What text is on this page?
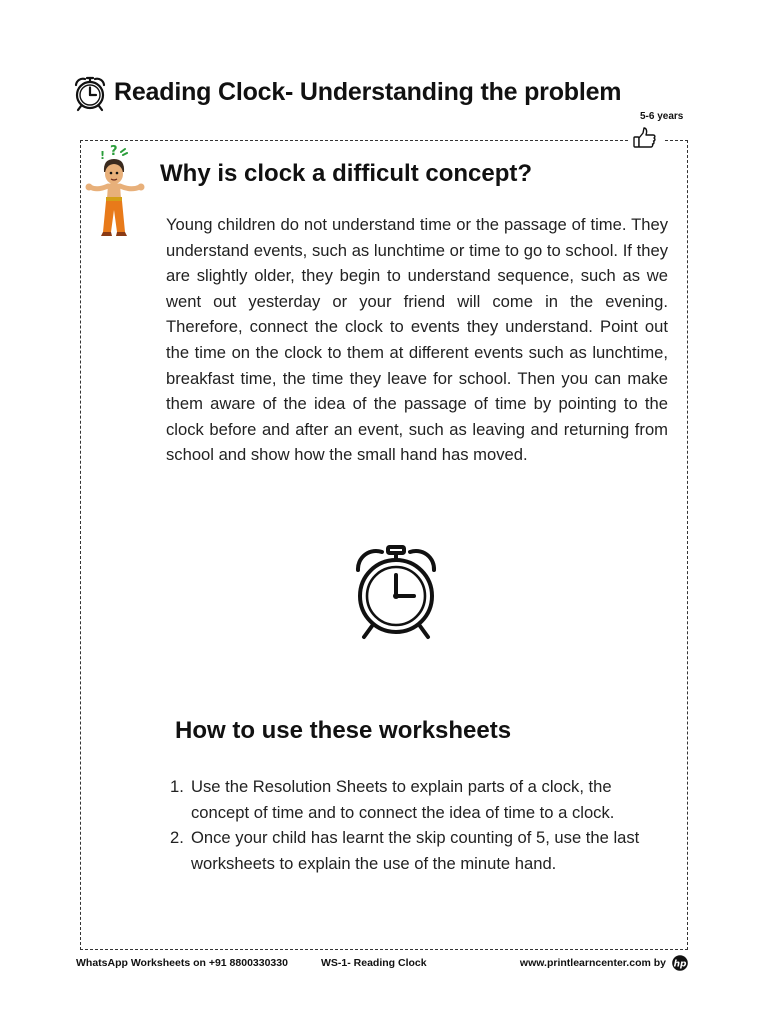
Reading Clock- Understanding the problem
5-6 years
! ?
Why is clock a difficult concept?

Young children do not understand time or the passage of time. They understand events, such as lunchtime or time to go to school. If they are slightly older, they begin to understand sequence, such as we went out yesterday or your friend will come in the evening. Therefore, connect the clock to events they understand. Point out the time on the clock to them at different events such as lunchtime, breakfast time, the time they leave for school. Then you can make them aware of the idea of the passage of time by pointing to the clock before and after an event, such as leaving and returning from school and show how the small hand has moved.

How to use these worksheets
1. Use the Resolution Sheets to explain parts of a clock, the concept of time and to connect the idea of time to a clock.
2. Once your child has learnt the skip counting of 5, use the last worksheets to explain the use of the minute hand.
WhatsApp Worksheets on +91 8800330330	WS-1- Reading Clock	www.printlearncenter.com by hp
